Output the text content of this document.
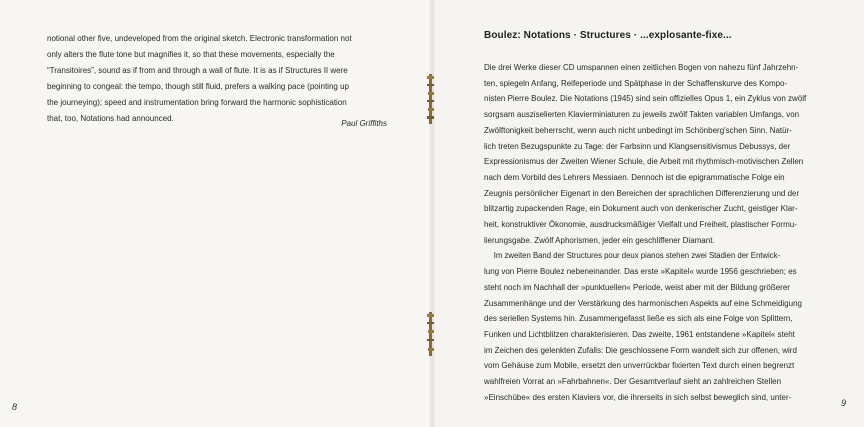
notional other five, undeveloped from the original sketch. Electronic transformation not
only alters the flute tone but magnifies it, so that these movements, especially the
“Transitoires”, sound as if from and through a wall of flute. It is as if Structures II were
beginning to congeal: the tempo, though still fluid, prefers a walking pace (pointing up
the journeying); speed and instrumentation bring forward the harmonic sophistication
that, too, Notations had announced.

Paul Griffiths

8	9
Boulez: Notations · Structures · ...explosante-fixe...

Die drei Werke dieser CD umspannen einen zeitlichen Bogen von nahezu fünf Jahrzehn-
ten, spiegeln Anfang, Reifeperiode und Spätphase in der Schaffenskurve des Kompo-
nisten Pierre Boulez. Die Notations (1945) sind sein offizielles Opus 1, ein Zyklus von zwölf
sorgsam ausziselierten Klavierminiaturen zu jeweils zwölf Takten variablen Umfangs, von
Zwölftonigkeit beherrscht, wenn auch nicht unbedingt im Schönberg'schen Sinn. Natür-
lich treten Bezugspunkte zu Tage: der Farbsinn und Klangsensitivismus Debussys, der
Expressionismus der Zweiten Wiener Schule, die Arbeit mit rhythmisch-motivischen Zellen
nach dem Vorbild des Lehrers Messiaen. Dennoch ist die epigrammatische Folge ein
Zeugnis persönlicher Eigenart in den Bereichen der sprachlichen Differenzierung und der
blitzartig zupackenden Rage, ein Dokument auch von denkerischer Zucht, geistiger Klar-
heit, konstruktiver Ökonomie, ausdrucksmäßiger Vielfalt und Freiheit, plastischer Formu-
lierungsgabe. Zwölf Aphorismen, jeder ein geschliffener Diamant.
Im zweiten Band der Structures pour deux pianos stehen zwei Stadien der Entwick-
lung von Pierre Boulez nebeneinander. Das erste »Kapitel« wurde 1956 geschrieben; es
steht noch im Nachhall der »punktuellen« Periode, weist aber mit der Bildung größerer
Zusammenhänge und der Verstärkung des harmonischen Aspekts auf eine Schmeidigung
des seriellen Systems hin. Zusammengefasst ließe es sich als eine Folge von Splittern,
Funken und Lichtblitzen charakterisieren. Das zweite, 1961 entstandene »Kapitel« steht
im Zeichen des gelenkten Zufalls: Die geschlossene Form wandelt sich zur offenen, wird
vom Gehäuse zum Mobile, ersetzt den unverrückbar fixierten Text durch einen begrenzt
wahlfreien Vorrat an »Fahrbahnen«. Der Gesamtverlauf sieht an zahlreichen Stellen
»Einschübe« des ersten Klaviers vor, die ihrerseits in sich selbst beweglich sind, unter-
